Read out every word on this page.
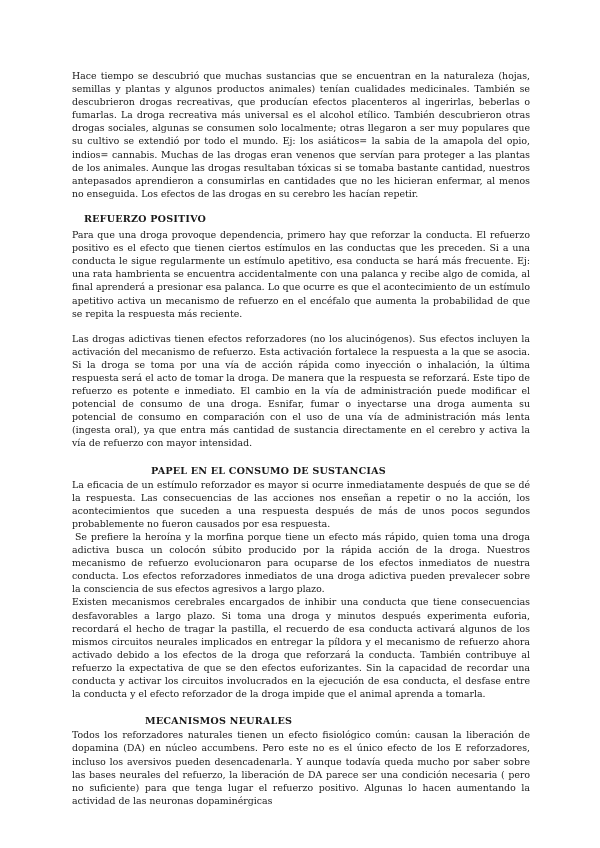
Hace tiempo se descubrió que muchas sustancias que se encuentran en la naturaleza (hojas, semillas y plantas y algunos productos animales) tenían cualidades medicinales. También se descubrieron drogas recreativas, que producían efectos placenteros al ingerirlas, beberlas o fumarlas. La droga recreativa más universal es el alcohol etílico. También descubrieron otras drogas sociales, algunas se consumen solo localmente; otras llegaron a ser muy populares que su cultivo se extendió por todo el mundo. Ej: los asiáticos= la sabia de la amapola del opio, indios= cannabis. Muchas de las drogas eran venenos que servían para proteger a las plantas de los animales. Aunque las drogas resultaban tóxicas si se tomaba bastante cantidad, nuestros antepasados aprendieron a consumirlas en cantidades que no les hicieran enfermar, al menos no enseguida. Los efectos de las drogas en su cerebro les hacían repetir.

REFUERZO POSITIVO

Para que una droga provoque dependencia, primero hay que reforzar la conducta. El refuerzo positivo es el efecto que tienen ciertos estímulos en las conductas que les preceden. Si a una conducta le sigue regularmente un estímulo apetitivo, esa conducta se hará más frecuente. Ej: una rata hambrienta se encuentra accidentalmente con una palanca y recibe algo de comida, al final aprenderá a presionar esa palanca. Lo que ocurre es que el acontecimiento de un estímulo apetitivo activa un mecanismo de refuerzo en el encéfalo que aumenta la probabilidad de que se repita la respuesta más reciente.

Las drogas adictivas tienen efectos reforzadores (no los alucinógenos). Sus efectos incluyen la activación del mecanismo de refuerzo. Esta activación fortalece la respuesta a la que se asocia. Si la droga se toma por una vía de acción rápida como inyección o inhalación, la última respuesta será el acto de tomar la droga. De manera que la respuesta se reforzará. Este tipo de refuerzo es potente e inmediato. El cambio en la vía de administración puede modificar el potencial de consumo de una droga. Esnifar, fumar o inyectarse una droga aumenta su potencial de consumo en comparación con el uso de una vía de administración más lenta (ingesta oral), ya que entra más cantidad de sustancia directamente en el cerebro y activa la vía de refuerzo con mayor intensidad.

PAPEL EN EL CONSUMO DE SUSTANCIAS

La eficacia de un estímulo reforzador es mayor si ocurre inmediatamente después de que se dé la respuesta. Las consecuencias de las acciones nos enseñan a repetir o no la acción, los acontecimientos que suceden a una respuesta después de más de unos pocos segundos probablemente no fueron causados por esa respuesta.

Se prefiere la heroína y la morfina porque tiene un efecto más rápido, quien toma una droga adictiva busca un colocón súbito producido por la rápida acción de la droga. Nuestros mecanismo de refuerzo evolucionaron para ocuparse de los efectos inmediatos de nuestra conducta. Los efectos reforzadores inmediatos de una droga adictiva pueden prevalecer sobre la consciencia de sus efectos agresivos a largo plazo.

Existen mecanismos cerebrales encargados de inhibir una conducta que tiene consecuencias desfavorables a largo plazo. Si toma una droga y minutos después experimenta euforia, recordará el hecho de tragar la pastilla, el recuerdo de esa conducta activará algunos de los mismos circuitos neurales implicados en entregar la píldora y el mecanismo de refuerzo ahora activado debido a los efectos de la droga que reforzará la conducta. También contribuye al refuerzo la expectativa de que se den efectos euforizantes. Sin la capacidad de recordar una conducta y activar los circuitos involucrados en la ejecución de esa conducta, el desfase entre la conducta y el efecto reforzador de la droga impide que el animal aprenda a tomarla.

MECANISMOS NEURALES

Todos los reforzadores naturales tienen un efecto fisiológico común: causan la liberación de dopamina (DA) en núcleo accumbens. Pero este no es el único efecto de los E reforzadores, incluso los aversivos pueden desencadenarla. Y aunque todavía queda mucho por saber sobre las bases neurales del refuerzo, la liberación de DA parece ser una condición necesaria ( pero no suficiente) para que tenga lugar el refuerzo positivo. Algunas lo hacen aumentando la actividad de las neuronas dopaminérgicas
